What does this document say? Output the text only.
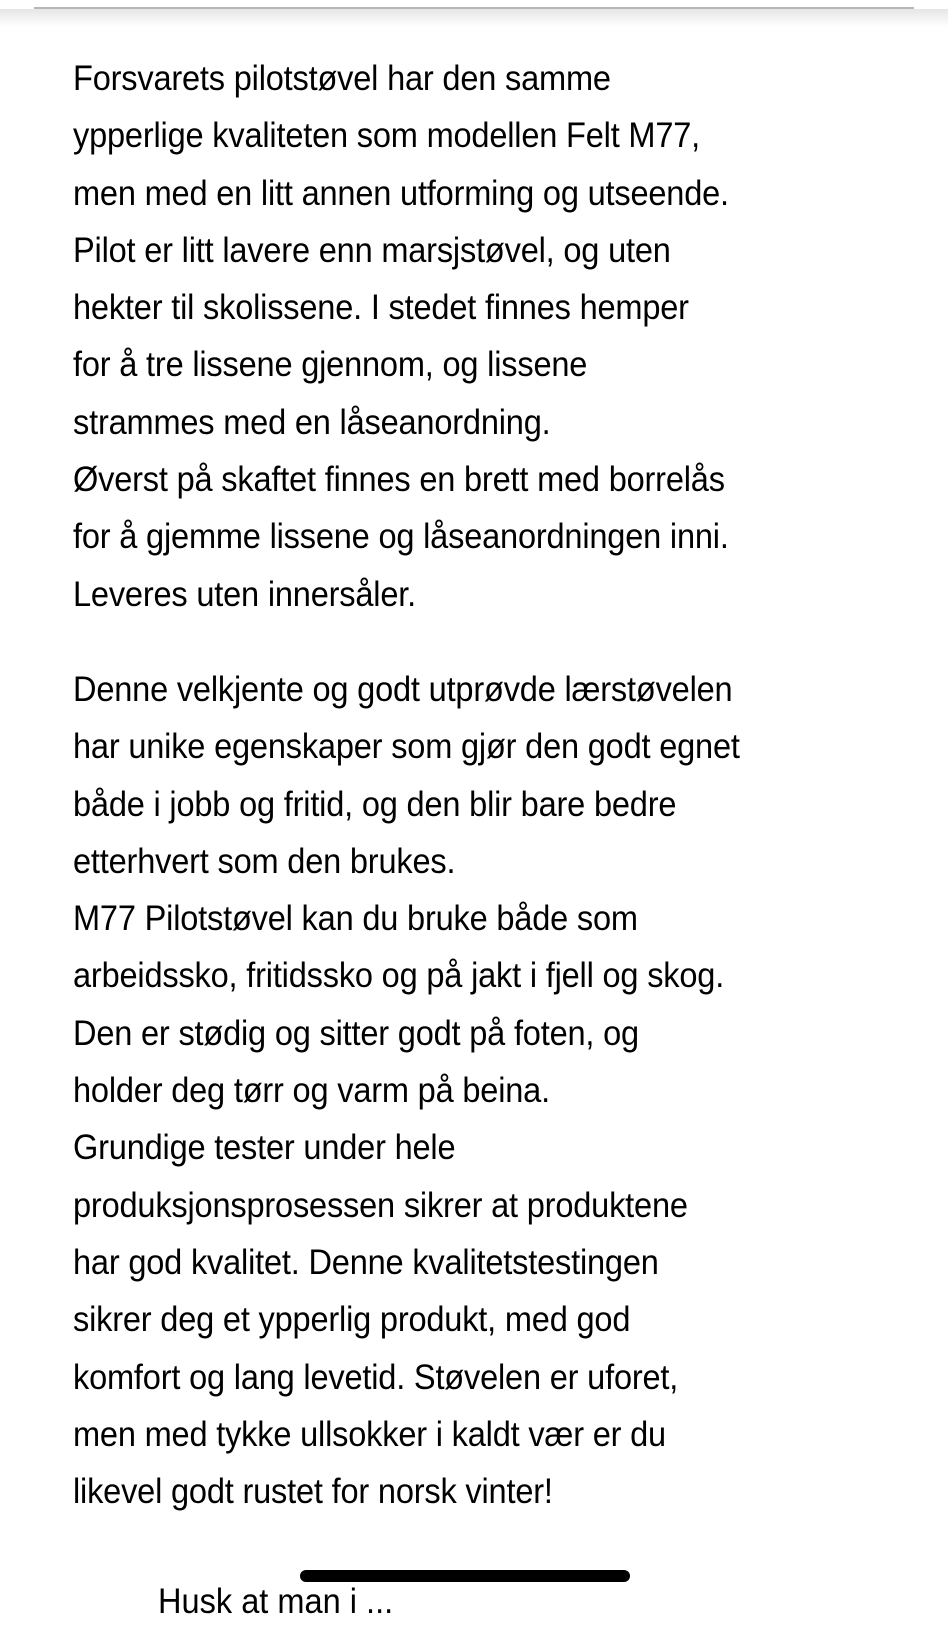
Forsvarets pilotstøvel har den samme
ypperlige kvaliteten som modellen Felt M77,
men med en litt annen utforming og utseende.
Pilot er litt lavere enn marsjstøvel, og uten
hekter til skolissene. I stedet finnes hemper
for å tre lissene gjennom, og lissene
strammes med en låseanordning.
Øverst på skaftet finnes en brett med borrelås
for å gjemme lissene og låseanordningen inni.
Leveres uten innersåler.
Denne velkjente og godt utprøvde lærstøvelen
har unike egenskaper som gjør den godt egnet
både i jobb og fritid, og den blir bare bedre
etterhvert som den brukes.
M77 Pilotstøvel kan du bruke både som
arbeidssko, fritidssko og på jakt i fjell og skog.
Den er stødig og sitter godt på foten, og
holder deg tørr og varm på beina.
Grundige tester under hele
produksjonsprosessen sikrer at produktene
har god kvalitet. Denne kvalitetstestingen
sikrer deg et ypperlig produkt, med god
komfort og lang levetid. Støvelen er uforet,
men med tykke ullsokker i kaldt vær er du
likevel godt rustet for norsk vinter!
Husk at man i ...
